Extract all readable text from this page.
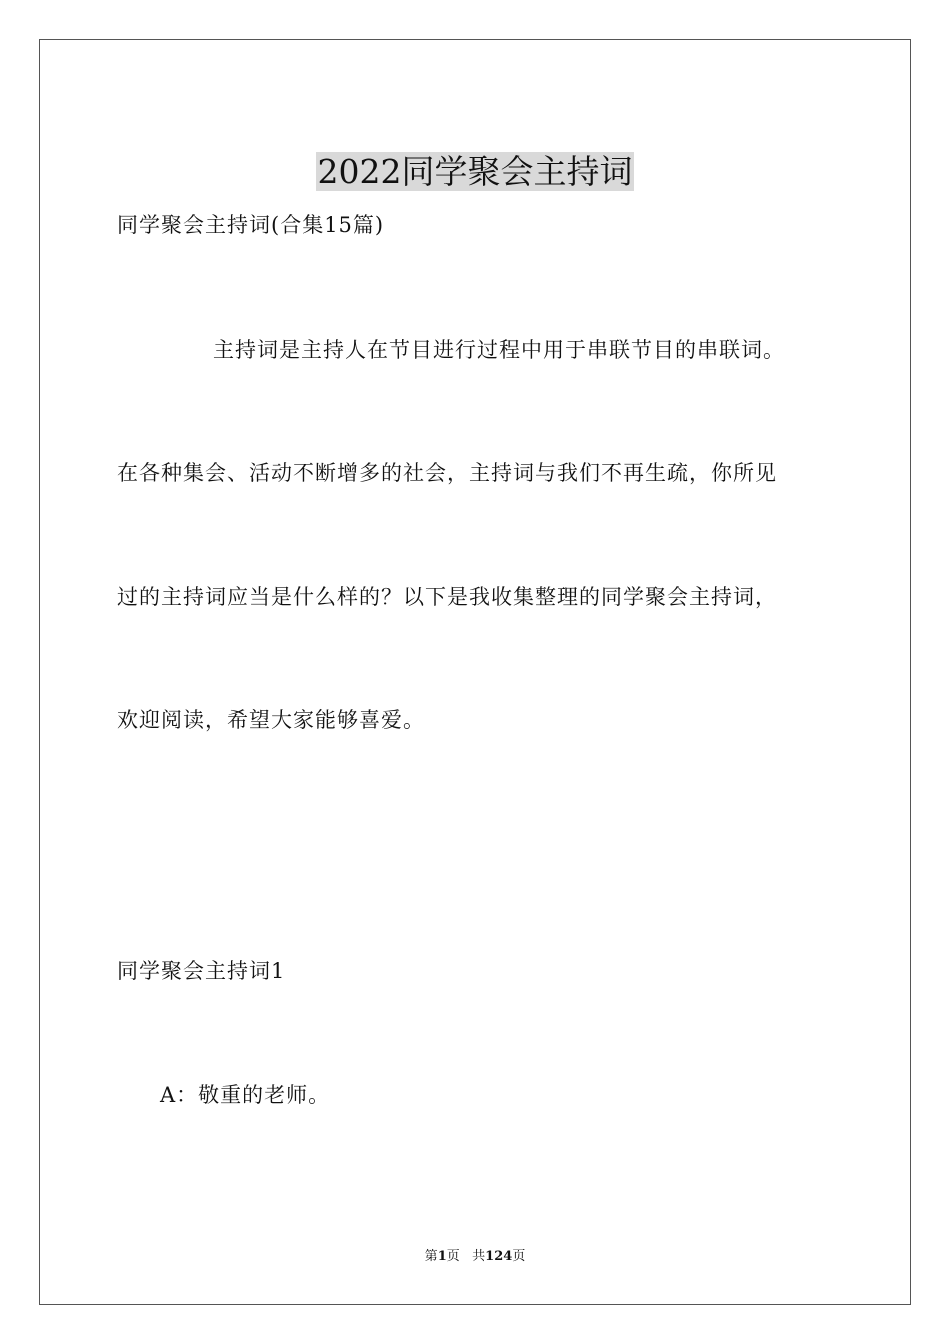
2022同学聚会主持词
同学聚会主持词(合集15篇)
主持词是主持人在节目进行过程中用于串联节目的串联词。
在各种集会、活动不断增多的社会，主持词与我们不再生疏，你所见
过的主持词应当是什么样的？以下是我收集整理的同学聚会主持词，
欢迎阅读，希望大家能够喜爱。
同学聚会主持词1
A：敬重的老师。
第1页 共124页
